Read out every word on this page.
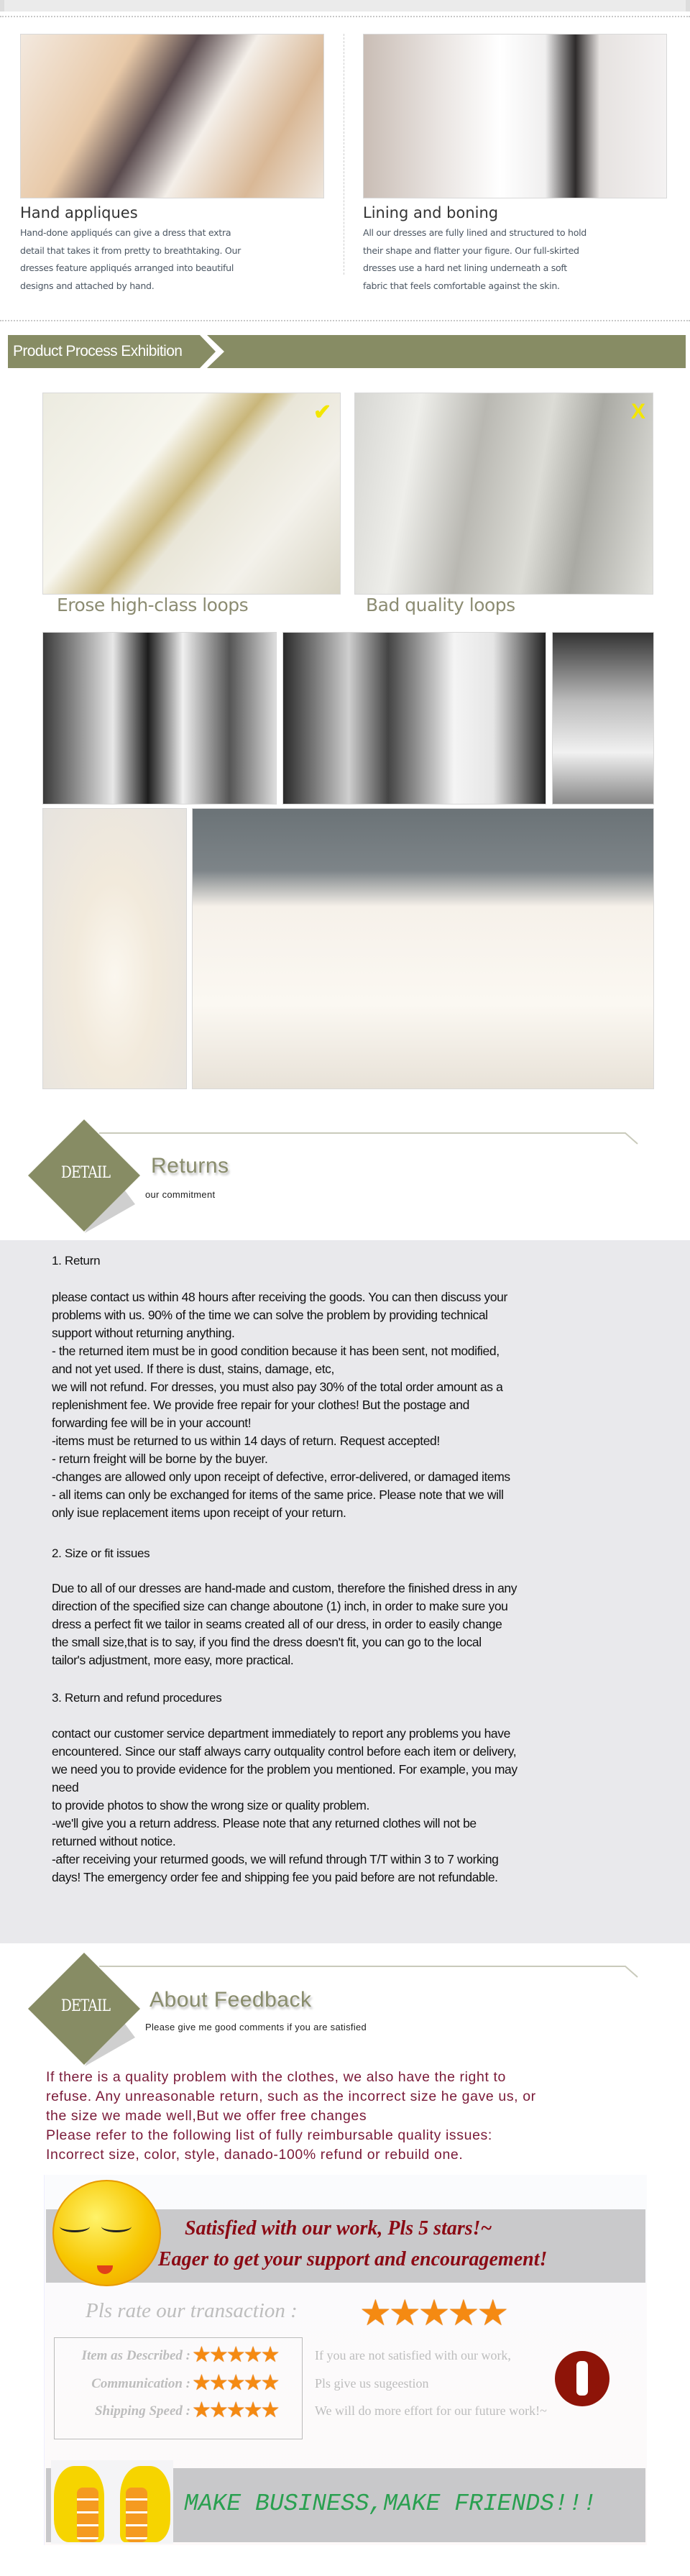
Hand appliques
Hand-done appliqués can give a dress that extra
detail that takes it from pretty to breathtaking. Our
dresses feature appliqués arranged into beautiful
designs and attached by hand.
Lining and boning
All our dresses are fully lined and structured to hold
their shape and flatter your figure. Our full-skirted
dresses use a hard net lining underneath a soft
fabric that feels comfortable against the skin.
Product Process Exhibition
✔	X
Erose high-class loops	Bad quality loops
DETAIL	Returns
our commitment
1. Return
please contact us within 48 hours after receiving the goods. You can then discuss your
problems with us. 90% of the time we can solve the problem by providing technical
support without returning anything.
- the returned item must be in good condition because it has been sent, not modified,
and not yet used. If there is dust, stains, damage, etc,
we will not refund. For dresses, you must also pay 30% of the total order amount as a
replenishment fee. We provide free repair for your clothes! But the postage and
forwarding fee will be in your account!
-items must be returned to us within 14 days of return. Request accepted!
- return freight will be borne by the buyer.
-changes are allowed only upon receipt of defective, error-delivered, or damaged items
- all items can only be exchanged for items of the same price. Please note that we will
only isue replacement items upon receipt of your return.
2. Size or fit issues
Due to all of our dresses are hand-made and custom, therefore the finished dress in any
direction of the specified size can change aboutone (1) inch, in order to make sure you
dress a perfect fit we tailor in seams created all of our dress, in order to easily change
the small size,that is to say, if you find the dress doesn't fit, you can go to the local
tailor's adjustment, more easy, more practical.
3. Return and refund procedures
contact our customer service department immediately to report any problems you have
encountered. Since our staff always carry outquality control before each item or delivery,
we need you to provide evidence for the problem you mentioned. For example, you may
need
to provide photos to show the wrong size or quality problem.
-we'll give you a return address. Please note that any returned clothes will not be
returned without notice.
-after receiving your returmed goods, we will refund through T/T within 3 to 7 working
days! The emergency order fee and shipping fee you paid before are not refundable.
DETAIL	About Feedback
Please give me good comments if you are satisfied
If there is a quality problem with the clothes, we also have the right to
refuse. Any unreasonable return, such as the incorrect size he gave us, or
the size we made well,But we offer free changes
Please refer to the following list of fully reimbursable quality issues:
Incorrect size, color, style, danado-100% refund or rebuild one.
Satisfied with our work, Pls 5 stars!~
Eager to get your support and encouragement!
Pls rate our transaction : ★★★★★
Item as Described : ★★★★★
Communication : ★★★★★
Shipping Speed : ★★★★★
If you are not satisfied with our work,
Pls give us sugeestion
We will do more effort for our future work!~
MAKE BUSINESS,MAKE FRIENDS!!!
